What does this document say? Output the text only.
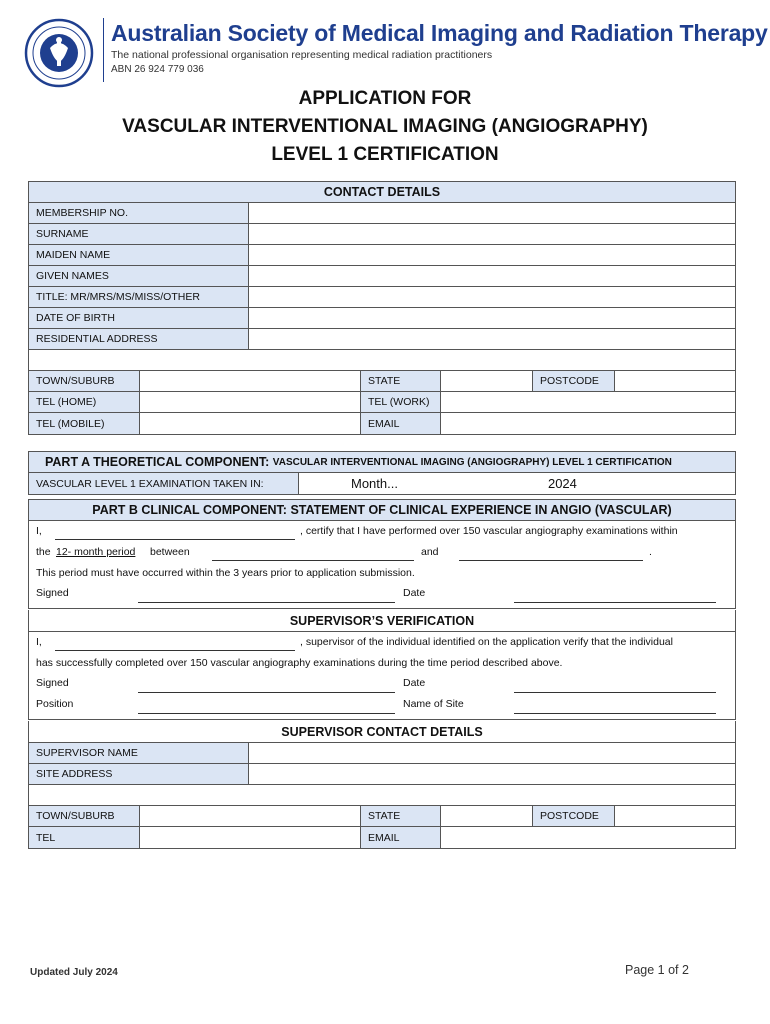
Australian Society of Medical Imaging and Radiation Therapy
The national professional organisation representing medical radiation practitioners
ABN 26 924 779 036
APPLICATION FOR
VASCULAR INTERVENTIONAL IMAGING (ANGIOGRAPHY)
LEVEL 1 CERTIFICATION
CONTACT DETAILS
MEMBERSHIP NO.
SURNAME
MAIDEN NAME
GIVEN NAMES
TITLE: MR/MRS/MS/MISS/OTHER
DATE OF BIRTH
RESIDENTIAL ADDRESS
TOWN/SUBURB	STATE	POSTCODE
TEL (HOME)	TEL (WORK)
TEL (MOBILE)	EMAIL
PART A THEORETICAL COMPONENT:
VASCULAR INTERVENTIONAL IMAGING (ANGIOGRAPHY) LEVEL 1 CERTIFICATION
VASCULAR LEVEL 1 EXAMINATION TAKEN IN:	Month...	2024
PART B CLINICAL COMPONENT: STATEMENT OF CLINICAL EXPERIENCE IN ANGIO (VASCULAR)
I,	, certify that I have performed over 150 vascular angiography examinations within
the 12- month period between	and	.
This period must have occurred within the 3 years prior to application submission.
Signed	Date
SUPERVISOR’S VERIFICATION
I,	, supervisor of the individual identified on the application verify that the individual
has successfully completed over 150 vascular angiography examinations during the time period described above.
Signed	Date
Position	Name of Site
SUPERVISOR CONTACT DETAILS
SUPERVISOR NAME
SITE ADDRESS
TOWN/SUBURB	STATE	POSTCODE
TEL	EMAIL
Updated July 2024	Page 1 of 2
